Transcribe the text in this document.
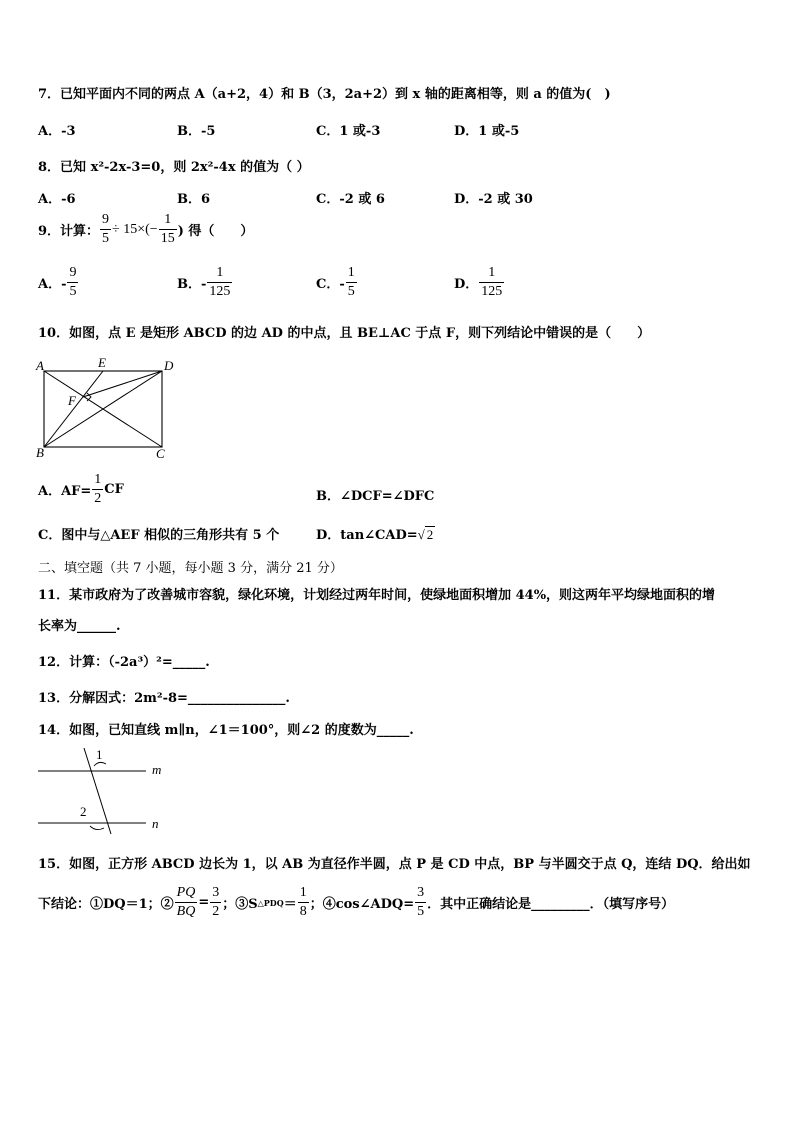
7．已知平面内不同的两点 A（a+2，4）和 B（3，2a+2）到 x 轴的距离相等，则 a 的值为(　)
A．-3	B．-5	C．1 或-3	D．1 或-5
8．已知 x²-2x-3=0，则 2x²-4x 的值为（ ）
A．-6	B．6	C．-2 或 6	D．-2 或 30
9．计算： $\frac{9}{5} \div 15\times(- \frac{1}{15}$ ) 得（　　）
A．- $\frac{9}{5}$	B．- $\frac{1}{125}$	C．- $\frac{1}{5}$	D． $\frac{1}{125}$
10．如图，点 E 是矩形 ABCD 的边 AD 的中点，且 BE⊥AC 于点 F，则下列结论中错误的是（　　）
A	E	D
F
B	C
A．$AF= \frac{1}{2}$ CF	B．∠DCF=∠DFC
C．图中与△AEF 相似的三角形共有 5 个	D．tan∠CAD=√ 2
二、填空题（共 7 小题，每小题 3 分，满分 21 分）
11．某市政府为了改善城市容貌，绿化环境，计划经过两年时间，使绿地面积增加 44%，则这两年平均绿地面积的增
长率为______.
12．计算：（-2a³）²=_____.
13．分解因式：2m²-8=_______________.
14．如图，已知直线 m∥n，∠1＝100°，则∠2 的度数为_____.
1
m
2
n
15．如图，正方形 ABCD 边长为 1，以 AB 为直径作半圆，点 P 是 CD 中点，BP 与半圆交于点 Q，连结 DQ．给出如
下结论：①DQ＝1；② $\frac{PQ}{BQ} = \frac{3}{2}$ ；③S △PDQ ＝ $\frac{1}{8}$ ；④cos∠ADQ= $\frac{3}{5}$ ．其中正确结论是_________．（填写序号）
